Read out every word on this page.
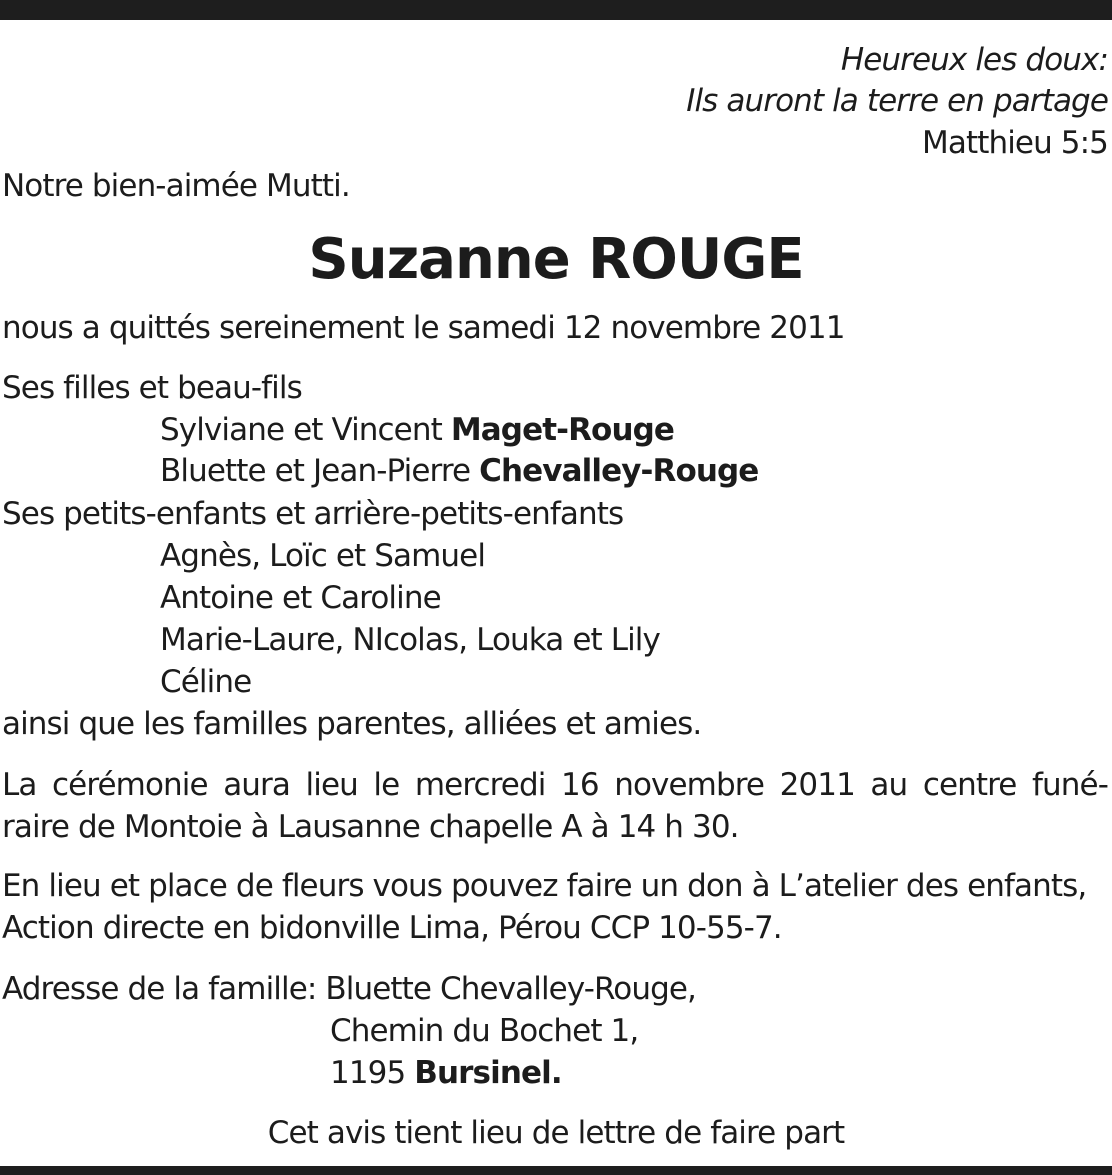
Heureux les doux:
Ils auront la terre en partage
Matthieu 5:5
Notre bien-aimée Mutti.
Suzanne ROUGE
nous a quittés sereinement le samedi 12 novembre 2011
Ses filles et beau-fils
Sylviane et Vincent Maget-Rouge
Bluette et Jean-Pierre Chevalley-Rouge
Ses petits-enfants et arrière-petits-enfants
Agnès, Loïc et Samuel
Antoine et Caroline
Marie-Laure, NIcolas, Louka et Lily
Céline
ainsi que les familles parentes, alliées et amies.
La cérémonie aura lieu le mercredi 16 novembre 2011 au centre funé-
raire de Montoie à Lausanne chapelle A à 14 h 30.
En lieu et place de fleurs vous pouvez faire un don à L’atelier des enfants,
Action directe en bidonville Lima, Pérou CCP 10-55-7.
Adresse de la famille: Bluette Chevalley-Rouge,
Chemin du Bochet 1,
1195 Bursinel.
Cet avis tient lieu de lettre de faire part
